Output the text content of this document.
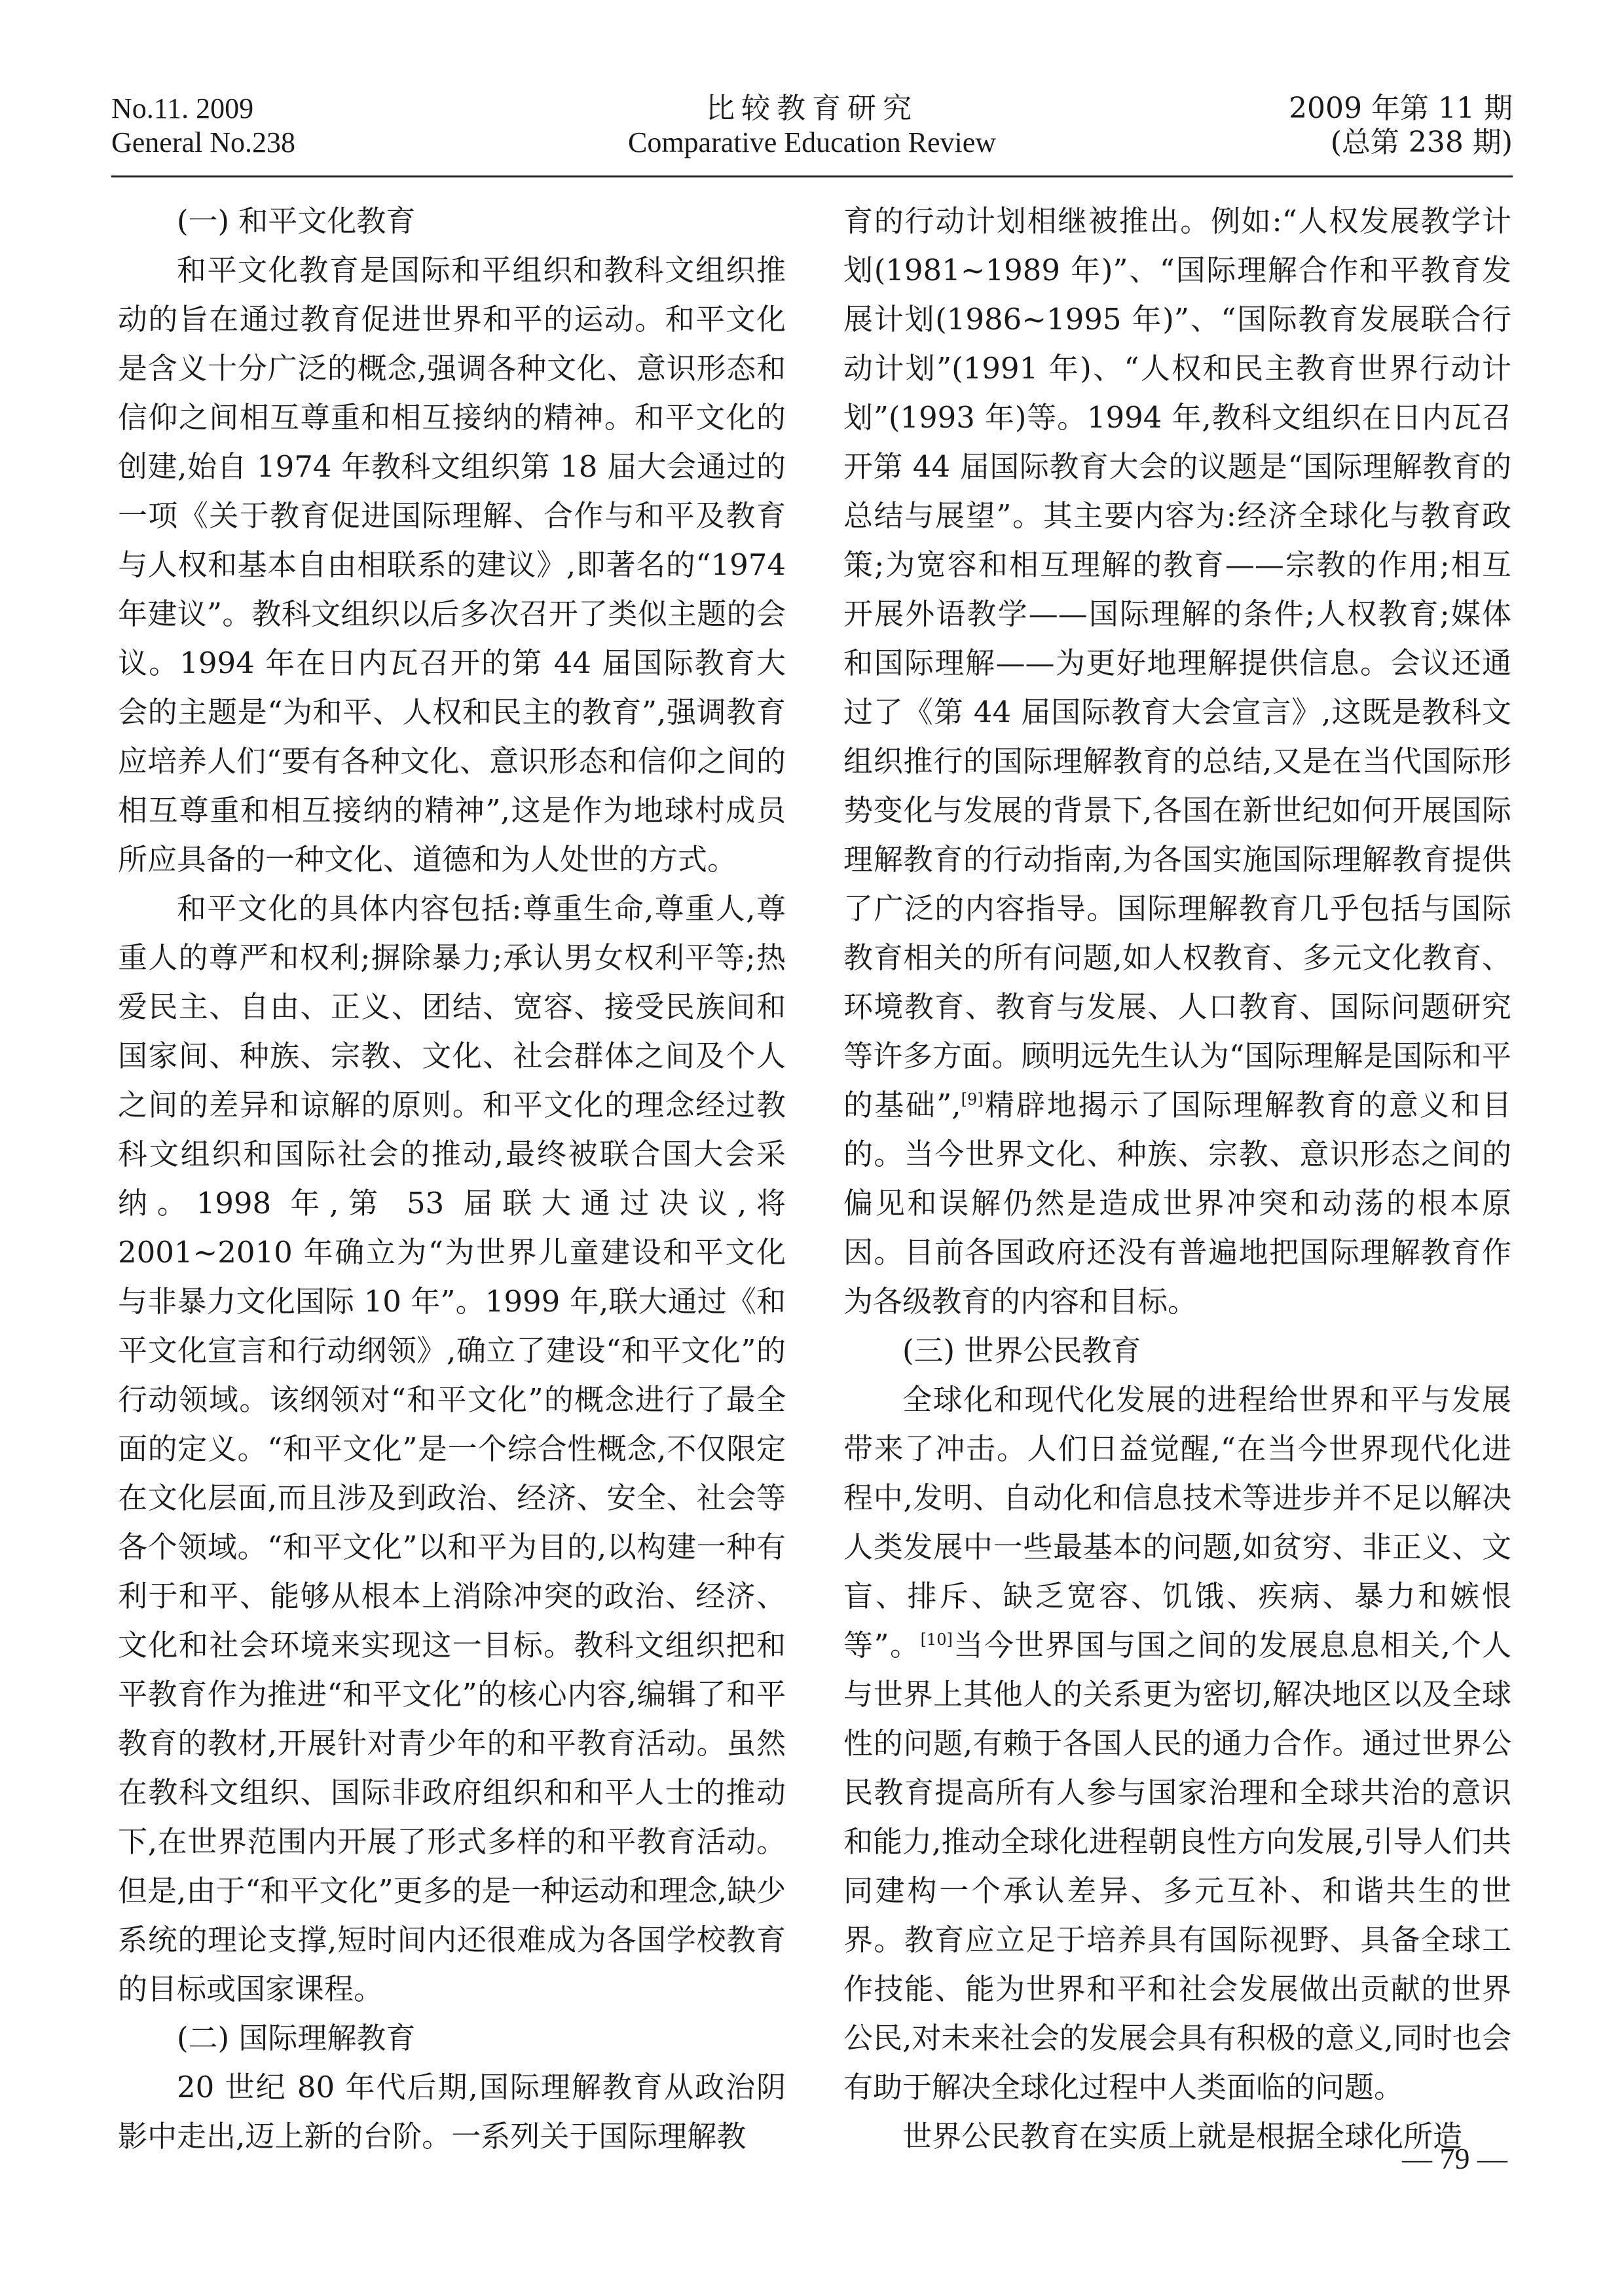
No.11. 2009
General No.238
比较教育研究
Comparative Education Review
2009 年第 11 期
(总第 238 期)
(一) 和平文化教育

和平文化教育是国际和平组织和教科文组织推动的旨在通过教育促进世界和平的运动。和平文化是含义十分广泛的概念,强调各种文化、意识形态和信仰之间相互尊重和相互接纳的精神。和平文化的创建,始自 1974 年教科文组织第 18 届大会通过的一项《关于教育促进国际理解、合作与和平及教育与人权和基本自由相联系的建议》,即著名的“1974 年建议”。教科文组织以后多次召开了类似主题的会议。1994 年在日内瓦召开的第 44 届国际教育大会的主题是“为和平、人权和民主的教育”,强调教育应培养人们“要有各种文化、意识形态和信仰之间的相互尊重和相互接纳的精神”,这是作为地球村成员所应具备的一种文化、道德和为人处世的方式。

和平文化的具体内容包括:尊重生命,尊重人,尊重人的尊严和权利;摒除暴力;承认男女权利平等;热爱民主、自由、正义、团结、宽容、接受民族间和国家间、种族、宗教、文化、社会群体之间及个人之间的差异和谅解的原则。和平文化的理念经过教科文组织和国际社会的推动,最终被联合国大会采纳。1998 年,第 53 届联大通过决议,将 2001~2010 年确立为“为世界儿童建设和平文化与非暴力文化国际 10 年”。1999 年,联大通过《和平文化宣言和行动纲领》,确立了建设“和平文化”的行动领域。该纲领对“和平文化”的概念进行了最全面的定义。“和平文化”是一个综合性概念,不仅限定在文化层面,而且涉及到政治、经济、安全、社会等各个领域。“和平文化”以和平为目的,以构建一种有利于和平、能够从根本上消除冲突的政治、经济、文化和社会环境来实现这一目标。教科文组织把和平教育作为推进“和平文化”的核心内容,编辑了和平教育的教材,开展针对青少年的和平教育活动。虽然在教科文组织、国际非政府组织和和平人士的推动下,在世界范围内开展了形式多样的和平教育活动。但是,由于“和平文化”更多的是一种运动和理念,缺少系统的理论支撑,短时间内还很难成为各国学校教育的目标或国家课程。

(二) 国际理解教育

20 世纪 80 年代后期,国际理解教育从政治阴影中走出,迈上新的台阶。一系列关于国际理解教

育的行动计划相继被推出。例如:“人权发展教学计划(1981~1989 年)”、“国际理解合作和平教育发展计划(1986~1995 年)”、“国际教育发展联合行动计划”(1991 年)、“人权和民主教育世界行动计划”(1993 年)等。1994 年,教科文组织在日内瓦召开第 44 届国际教育大会的议题是“国际理解教育的总结与展望”。其主要内容为:经济全球化与教育政策;为宽容和相互理解的教育——宗教的作用;相互开展外语教学——国际理解的条件;人权教育;媒体和国际理解——为更好地理解提供信息。会议还通过了《第 44 届国际教育大会宣言》,这既是教科文组织推行的国际理解教育的总结,又是在当代国际形势变化与发展的背景下,各国在新世纪如何开展国际理解教育的行动指南,为各国实施国际理解教育提供了广泛的内容指导。国际理解教育几乎包括与国际教育相关的所有问题,如人权教育、多元文化教育、环境教育、教育与发展、人口教育、国际问题研究等许多方面。顾明远先生认为“国际理解是国际和平的基础”,[9]精辟地揭示了国际理解教育的意义和目的。当今世界文化、种族、宗教、意识形态之间的偏见和误解仍然是造成世界冲突和动荡的根本原因。目前各国政府还没有普遍地把国际理解教育作为各级教育的内容和目标。

(三) 世界公民教育

全球化和现代化发展的进程给世界和平与发展带来了冲击。人们日益觉醒,“在当今世界现代化进程中,发明、自动化和信息技术等进步并不足以解决人类发展中一些最基本的问题,如贫穷、非正义、文盲、排斥、缺乏宽容、饥饿、疾病、暴力和嫉恨等”。[10]当今世界国与国之间的发展息息相关,个人与世界上其他人的关系更为密切,解决地区以及全球性的问题,有赖于各国人民的通力合作。通过世界公民教育提高所有人参与国家治理和全球共治的意识和能力,推动全球化进程朝良性方向发展,引导人们共同建构一个承认差异、多元互补、和谐共生的世界。教育应立足于培养具有国际视野、具备全球工作技能、能为世界和平和社会发展做出贡献的世界公民,对未来社会的发展会具有积极的意义,同时也会有助于解决全球化过程中人类面临的问题。

世界公民教育在实质上就是根据全球化所造

— 79 —
